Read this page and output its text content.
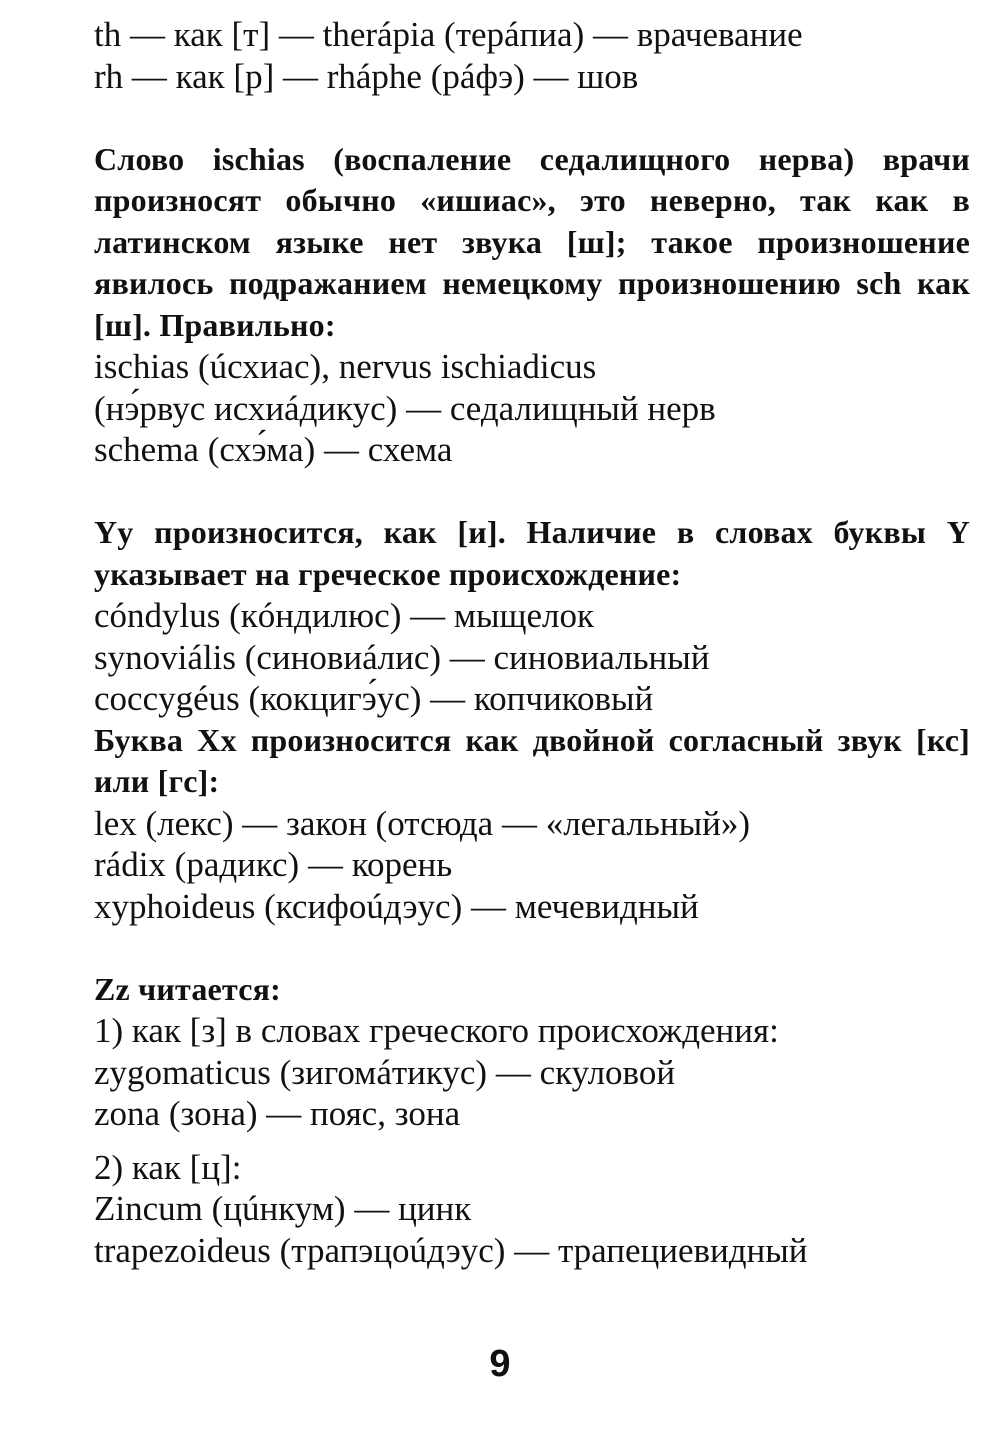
th — как [т] — therápia (терáпиа) — врачевание

rh — как [р] — rháphe (рáфэ) — шов

Слово ischias (воспаление седалищного нерва) врачи произносят обычно «ишиас», это неверно, так как в латинском языке нет звука [ш]; такое произношение явилось подражанием немецкому произношению sch как [ш]. Правильно:

ischias (úсхиас), nervus ischiadicus

(нэ́рвус исхиáдикус) — седалищный нерв

schema (схэ́ма) — схема

Yy произносится, как [и]. Наличие в словах буквы Y указывает на греческое происхождение:

cóndylus (кóндилюс) — мыщелок

synoviális (синовиáлис) — синовиальный

coccygéus (кокцигэ́ус) — копчиковый

Буква Xx произносится как двойной согласный звук [кс] или [гс]:

lex (лекс) — закон (отсюда — «легальный»)

rádix (радикс) — корень

xyphoideus (ксифоúдэус) — мечевидный

Zz читается:

1) как [з] в словах греческого происхождения:

zygomaticus (зигомáтикус) — скуловой

zona (зона) — пояс, зона

2) как [ц]:

Zincum (цúнкум) — цинк

trapezoideus (трапэцоúдэус) — трапециевидный

9
